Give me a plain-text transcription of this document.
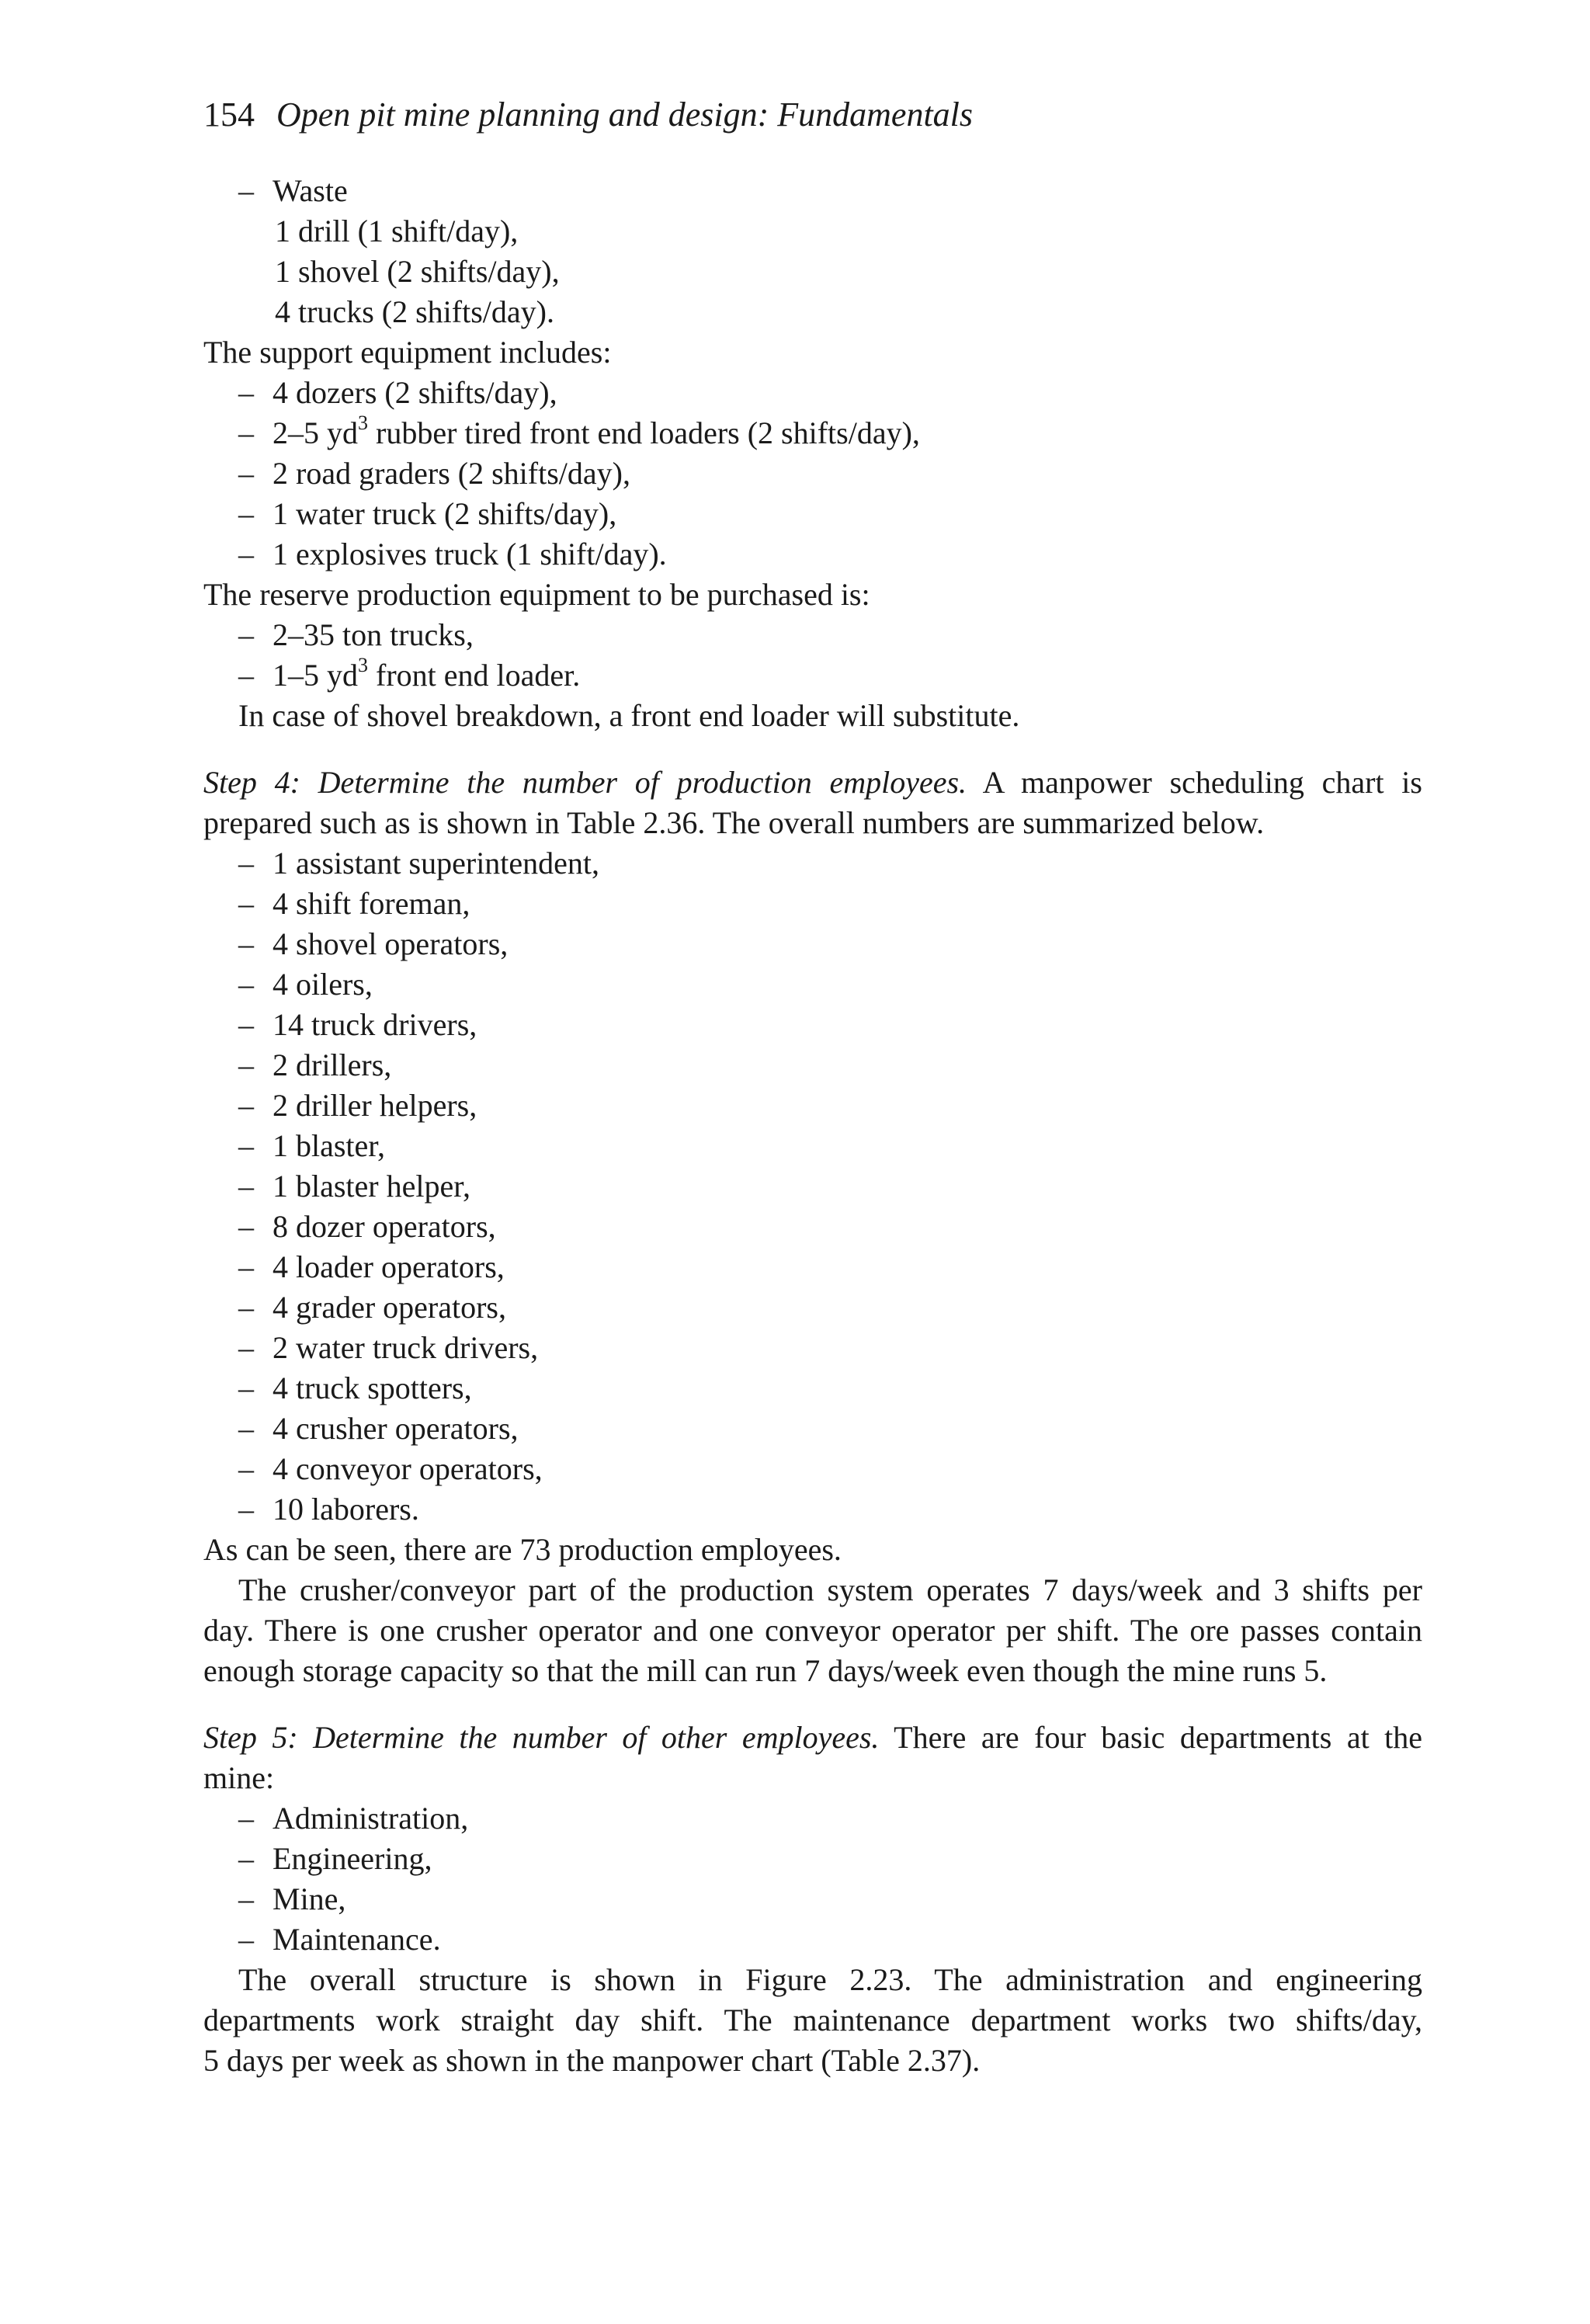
154 Open pit mine planning and design: Fundamentals
– Waste
1 drill (1 shift/day),
1 shovel (2 shifts/day),
4 trucks (2 shifts/day).
The support equipment includes:
– 4 dozers (2 shifts/day),
– 2–5 $yd^3$ rubber tired front end loaders (2 shifts/day),
– 2 road graders (2 shifts/day),
– 1 water truck (2 shifts/day),
– 1 explosives truck (1 shift/day).
The reserve production equipment to be purchased is:
– 2–35 ton trucks,
– 1–5 $yd^3$ front end loader.
In case of shovel breakdown, a front end loader will substitute.
Step 4: Determine the number of production employees. A manpower scheduling chart is
prepared such as is shown in Table 2.36. The overall numbers are summarized below.
– 1 assistant superintendent,
– 4 shift foreman,
– 4 shovel operators,
– 4 oilers,
– 14 truck drivers,
– 2 drillers,
– 2 driller helpers,
– 1 blaster,
– 1 blaster helper,
– 8 dozer operators,
– 4 loader operators,
– 4 grader operators,
– 2 water truck drivers,
– 4 truck spotters,
– 4 crusher operators,
– 4 conveyor operators,
– 10 laborers.
As can be seen, there are 73 production employees.
The crusher/conveyor part of the production system operates 7 days/week and 3 shifts per
day. There is one crusher operator and one conveyor operator per shift. The ore passes contain
enough storage capacity so that the mill can run 7 days/week even though the mine runs 5.
Step 5: Determine the number of other employees. There are four basic departments at the
mine:
– Administration,
– Engineering,
– Mine,
– Maintenance.
The overall structure is shown in Figure 2.23. The administration and engineering
departments work straight day shift. The maintenance department works two shifts/day,
5 days per week as shown in the manpower chart (Table 2.37).
